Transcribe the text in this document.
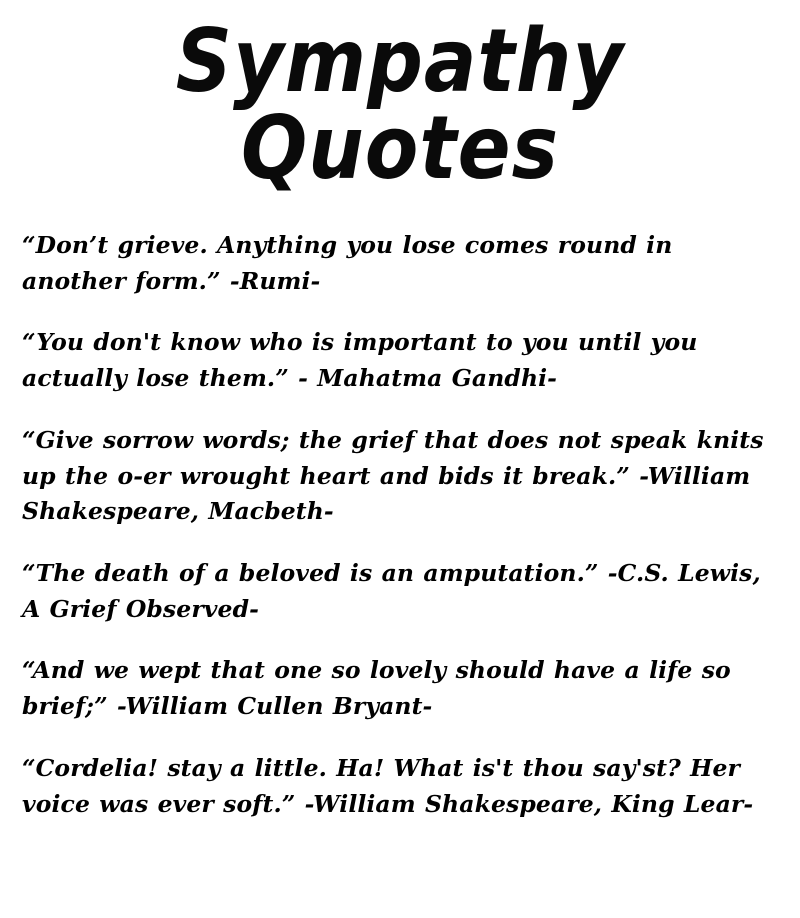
Sympathy Quotes

“Don’t grieve. Anything you lose comes round in another form.” -Rumi-

“You don't know who is important to you until you actually lose them.” - Mahatma Gandhi-

“Give sorrow words; the grief that does not speak knits up the o-er wrought heart and bids it break.” -William Shakespeare, Macbeth-

“The death of a beloved is an amputation.” -C.S. Lewis, A Grief Observed-

“And we wept that one so lovely should have a life so brief;” -William Cullen Bryant-

“Cordelia! stay a little. Ha! What is't thou say'st? Her voice was ever soft.” -William Shakespeare, King Lear-
